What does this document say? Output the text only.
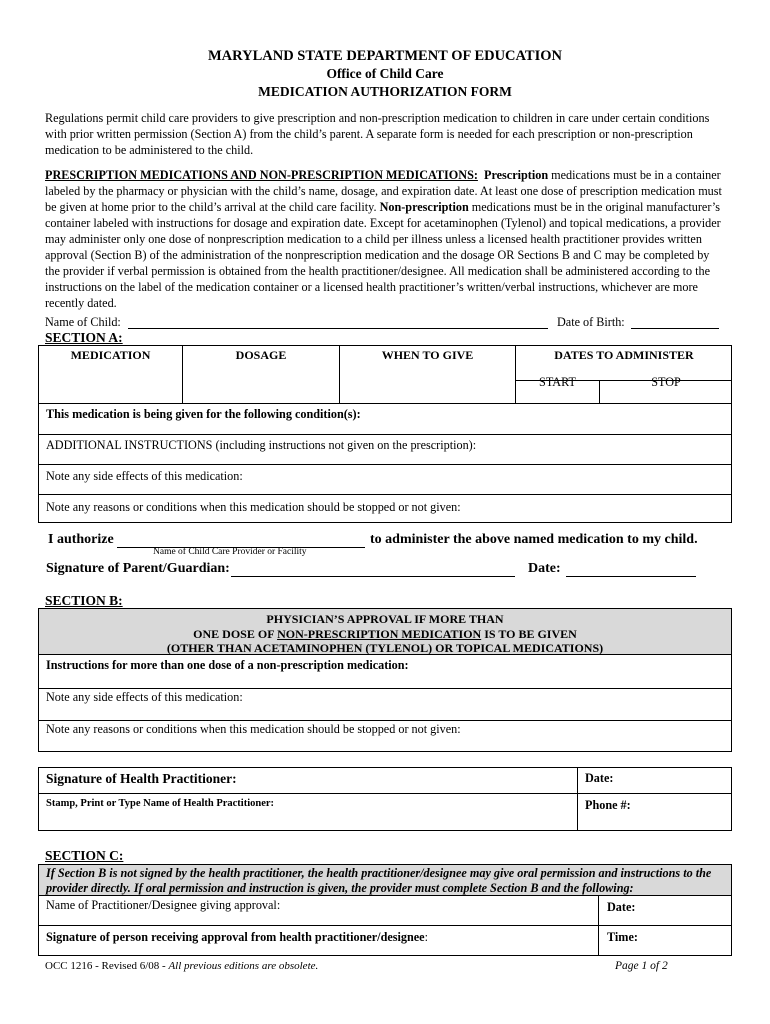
MARYLAND STATE DEPARTMENT OF EDUCATION
Office of Child Care
MEDICATION AUTHORIZATION FORM
Regulations permit child care providers to give prescription and non-prescription medication to children in care under certain conditions with prior written permission (Section A) from the child’s parent. A separate form is needed for each prescription or non-prescription medication to be administered to the child.
PRESCRIPTION MEDICATIONS AND NON-PRESCRIPTION MEDICATIONS: Prescription medications must be in a container labeled by the pharmacy or physician with the child’s name, dosage, and expiration date. At least one dose of prescription medication must be given at home prior to the child’s arrival at the child care facility. Non-prescription medications must be in the original manufacturer’s container labeled with instructions for dosage and expiration date. Except for acetaminophen (Tylenol) and topical medications, a provider may administer only one dose of nonprescription medication to a child per illness unless a licensed health practitioner provides written approval (Section B) of the administration of the nonprescription medication and the dosage OR Sections B and C may be completed by the provider if verbal permission is obtained from the health practitioner/designee. All medication shall be administered according to the instructions on the label of the medication container or a licensed health practitioner’s written/verbal instructions, whichever are more recently dated.
Name of Child:	Date of Birth:
SECTION A:
MEDICATION	DOSAGE	WHEN TO GIVE	DATES TO ADMINISTER
START	STOP
This medication is being given for the following condition(s):
ADDITIONAL INSTRUCTIONS (including instructions not given on the prescription):
Note any side effects of this medication:
Note any reasons or conditions when this medication should be stopped or not given:
I authorize	to administer the above named medication to my child.
Name of Child Care Provider or Facility
Signature of Parent/Guardian:	Date:
SECTION B:
PHYSICIAN’S APPROVAL IF MORE THAN
ONE DOSE OF NON-PRESCRIPTION MEDICATION IS TO BE GIVEN
(OTHER THAN ACETAMINOPHEN (TYLENOL) OR TOPICAL MEDICATIONS)
Instructions for more than one dose of a non-prescription medication:
Note any side effects of this medication:
Note any reasons or conditions when this medication should be stopped or not given:
Signature of Health Practitioner:	Date:
Stamp, Print or Type Name of Health Practitioner:	Phone #:
SECTION C:
If Section B is not signed by the health practitioner, the health practitioner/designee may give oral permission and instructions to the provider directly. If oral permission and instruction is given, the provider must complete Section B and the following:
Name of Practitioner/Designee giving approval:	Date:
Signature of person receiving approval from health practitioner/designee:	Time:
OCC 1216 - Revised 6/08 - All previous editions are obsolete.	Page 1 of 2
